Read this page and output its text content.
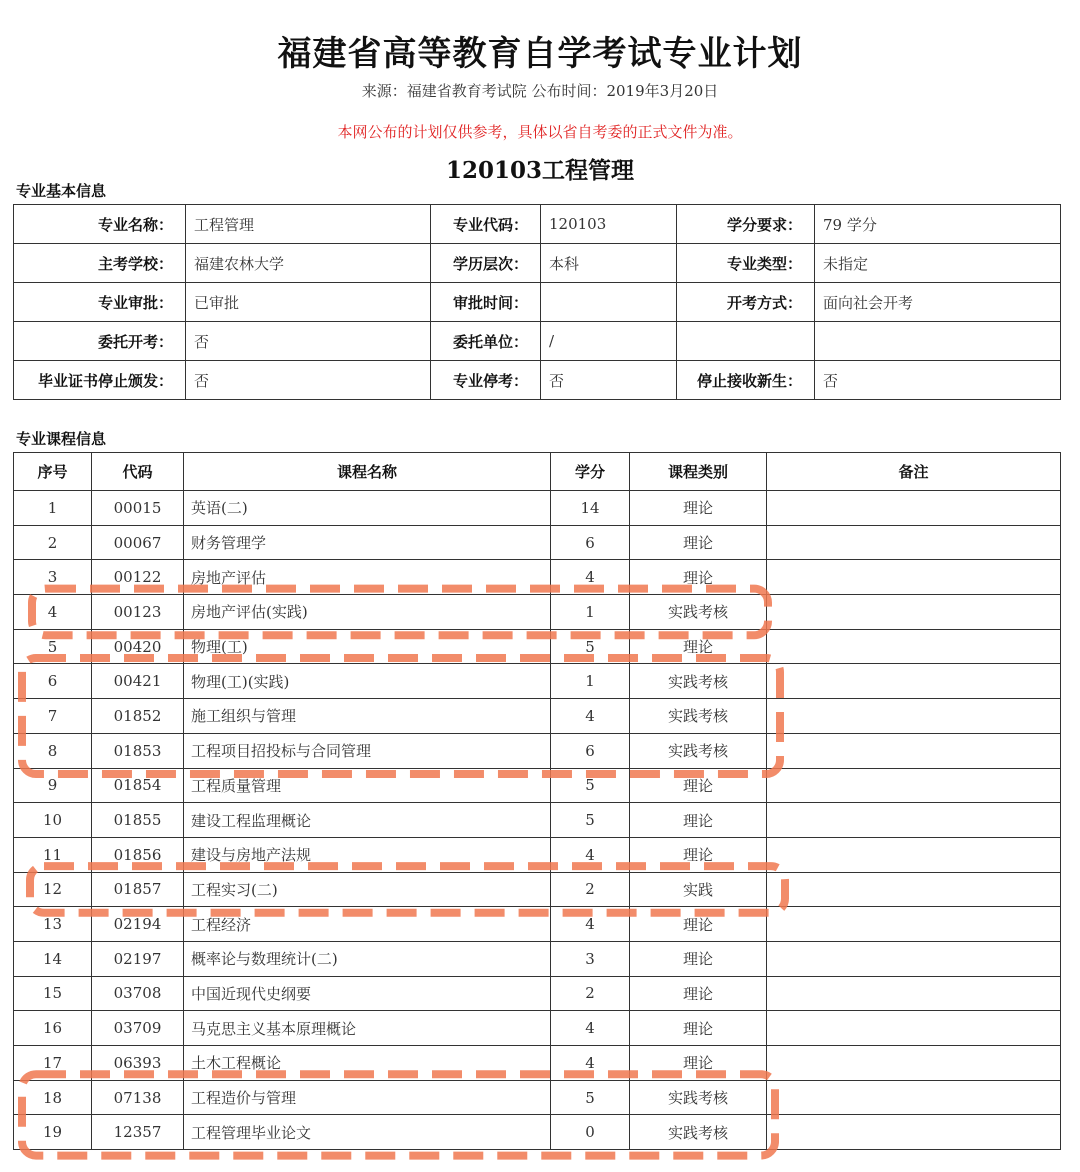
福建省高等教育自学考试专业计划
来源：福建省教育考试院 公布时间：2019年3月20日
本网公布的计划仅供参考，具体以省自考委的正式文件为准。
120103工程管理
专业基本信息
专业名称：	工程管理	专业代码：	120103	学分要求：	79 学分
主考学校：	福建农林大学	学历层次：	本科	专业类型：	未指定
专业审批：	已审批	审批时间：		开考方式：	面向社会开考
委托开考：	否	委托单位：	/		
毕业证书停止颁发：	否	专业停考：	否	停止接收新生：	否
专业课程信息
序号	代码	课程名称	学分	课程类别	备注
1	00015	英语(二)	14	理论	
2	00067	财务管理学	6	理论	
3	00122	房地产评估	4	理论	
4	00123	房地产评估(实践)	1	实践考核	
5	00420	物理(工)	5	理论	
6	00421	物理(工)(实践)	1	实践考核	
7	01852	施工组织与管理	4	实践考核	
8	01853	工程项目招投标与合同管理	6	实践考核	
9	01854	工程质量管理	5	理论	
10	01855	建设工程监理概论	5	理论	
11	01856	建设与房地产法规	4	理论	
12	01857	工程实习(二)	2	实践	
13	02194	工程经济	4	理论	
14	02197	概率论与数理统计(二)	3	理论	
15	03708	中国近现代史纲要	2	理论	
16	03709	马克思主义基本原理概论	4	理论	
17	06393	土木工程概论	4	理论	
18	07138	工程造价与管理	5	实践考核	
19	12357	工程管理毕业论文	0	实践考核	
